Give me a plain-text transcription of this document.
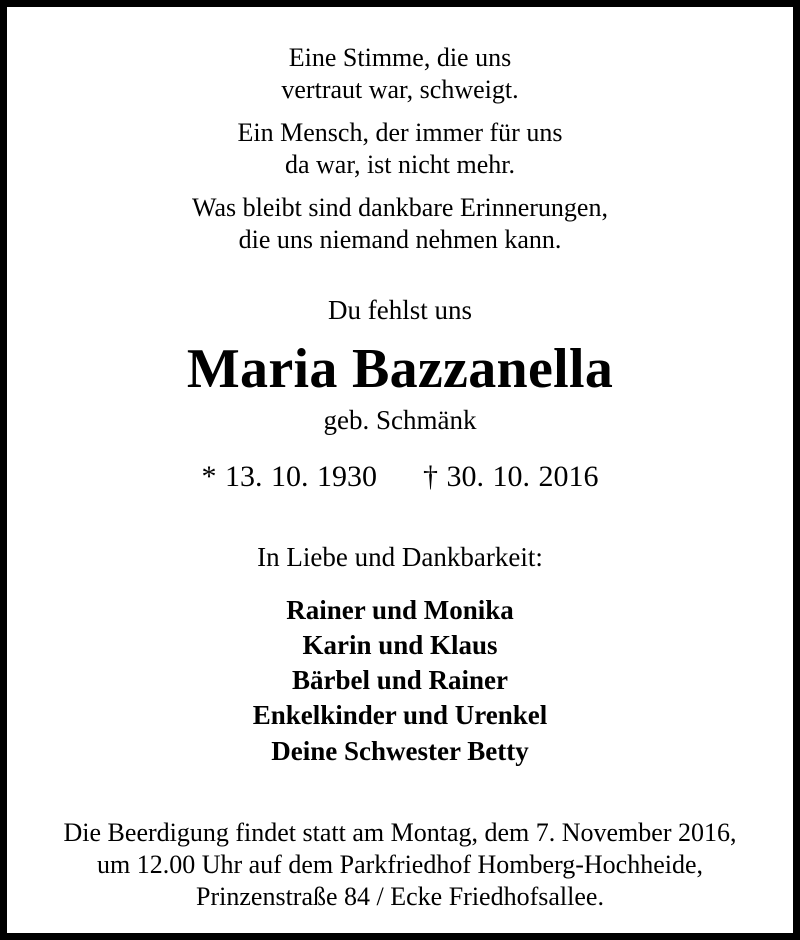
Eine Stimme, die uns
vertraut war, schweigt.
Ein Mensch, der immer für uns
da war, ist nicht mehr.
Was bleibt sind dankbare Erinnerungen,
die uns niemand nehmen kann.
Du fehlst uns
Maria Bazzanella
geb. Schmänk
* 13. 10. 1930 † 30. 10. 2016
In Liebe und Dankbarkeit:
Rainer und Monika
Karin und Klaus
Bärbel und Rainer
Enkelkinder und Urenkel
Deine Schwester Betty
Die Beerdigung findet statt am Montag, dem 7. November 2016,
um 12.00 Uhr auf dem Parkfriedhof Homberg-Hochheide,
Prinzenstraße 84 / Ecke Friedhofsallee.
